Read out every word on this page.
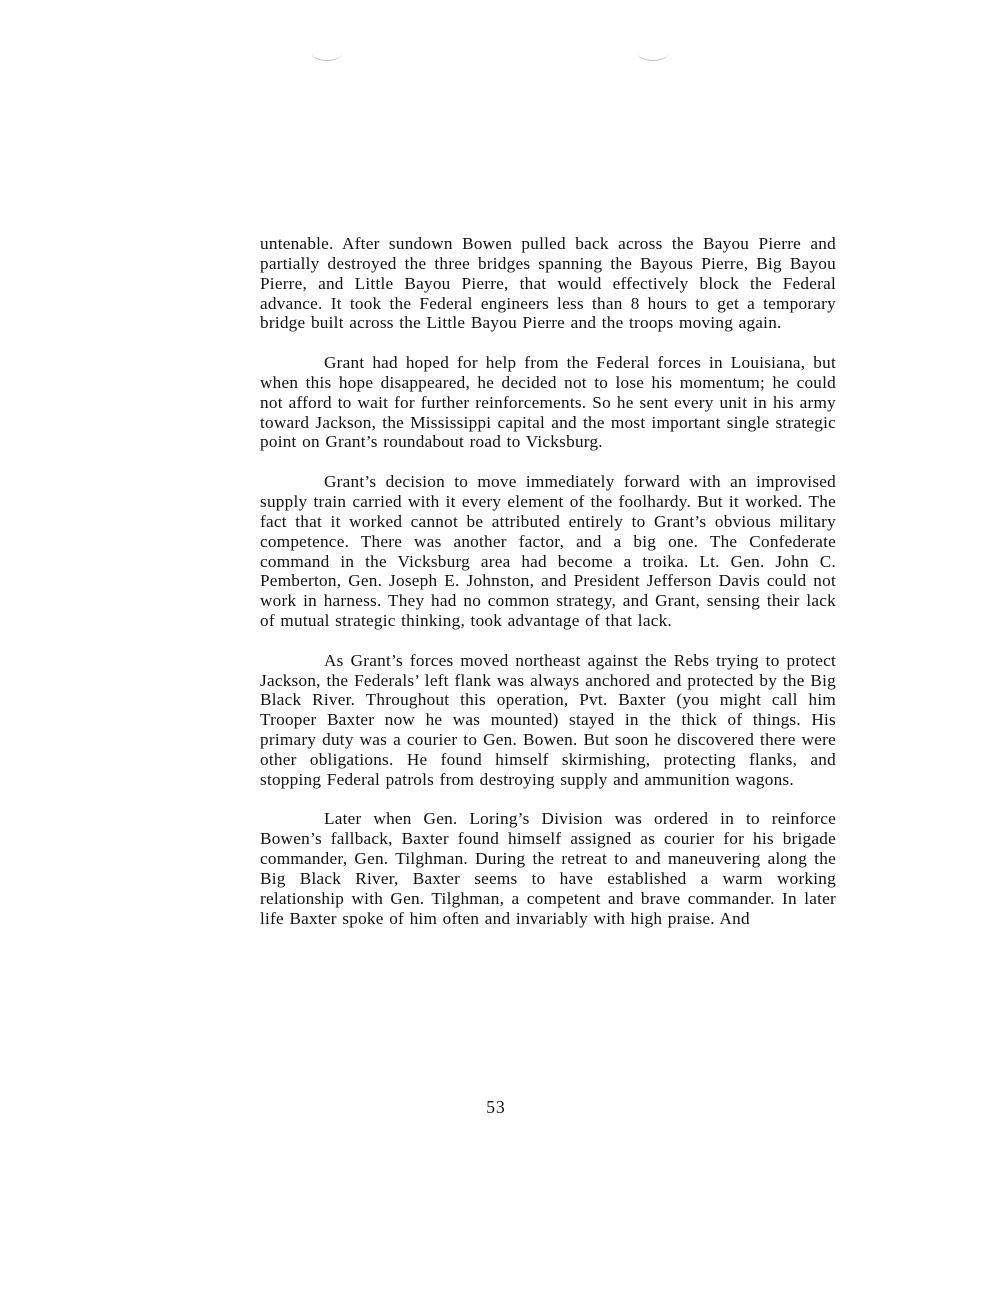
untenable. After sundown Bowen pulled back across the Bayou Pierre and partially destroyed the three bridges spanning the Bayous Pierre, Big Bayou Pierre, and Little Bayou Pierre, that would effectively block the Federal advance. It took the Federal engineers less than 8 hours to get a temporary bridge built across the Little Bayou Pierre and the troops moving again.

Grant had hoped for help from the Federal forces in Louisiana, but when this hope disappeared, he decided not to lose his momentum; he could not afford to wait for further reinforcements. So he sent every unit in his army toward Jackson, the Mississippi capital and the most important single strategic point on Grant’s roundabout road to Vicksburg.

Grant’s decision to move immediately forward with an improvised supply train carried with it every element of the foolhardy. But it worked. The fact that it worked cannot be attributed entirely to Grant’s obvious military competence. There was another factor, and a big one. The Confederate command in the Vicksburg area had become a troika. Lt. Gen. John C. Pemberton, Gen. Joseph E. Johnston, and President Jefferson Davis could not work in harness. They had no common strategy, and Grant, sensing their lack of mutual strategic thinking, took advantage of that lack.

As Grant’s forces moved northeast against the Rebs trying to protect Jackson, the Federals’ left flank was always anchored and protected by the Big Black River. Throughout this operation, Pvt. Baxter (you might call him Trooper Baxter now he was mounted) stayed in the thick of things. His primary duty was a courier to Gen. Bowen. But soon he discovered there were other obligations. He found himself skirmishing, protecting flanks, and stopping Federal patrols from destroying supply and ammunition wagons.

Later when Gen. Loring’s Division was ordered in to reinforce Bowen’s fallback, Baxter found himself assigned as courier for his brigade commander, Gen. Tilghman. During the retreat to and maneuvering along the Big Black River, Baxter seems to have established a warm working relationship with Gen. Tilghman, a competent and brave commander. In later life Baxter spoke of him often and invariably with high praise. And

53
